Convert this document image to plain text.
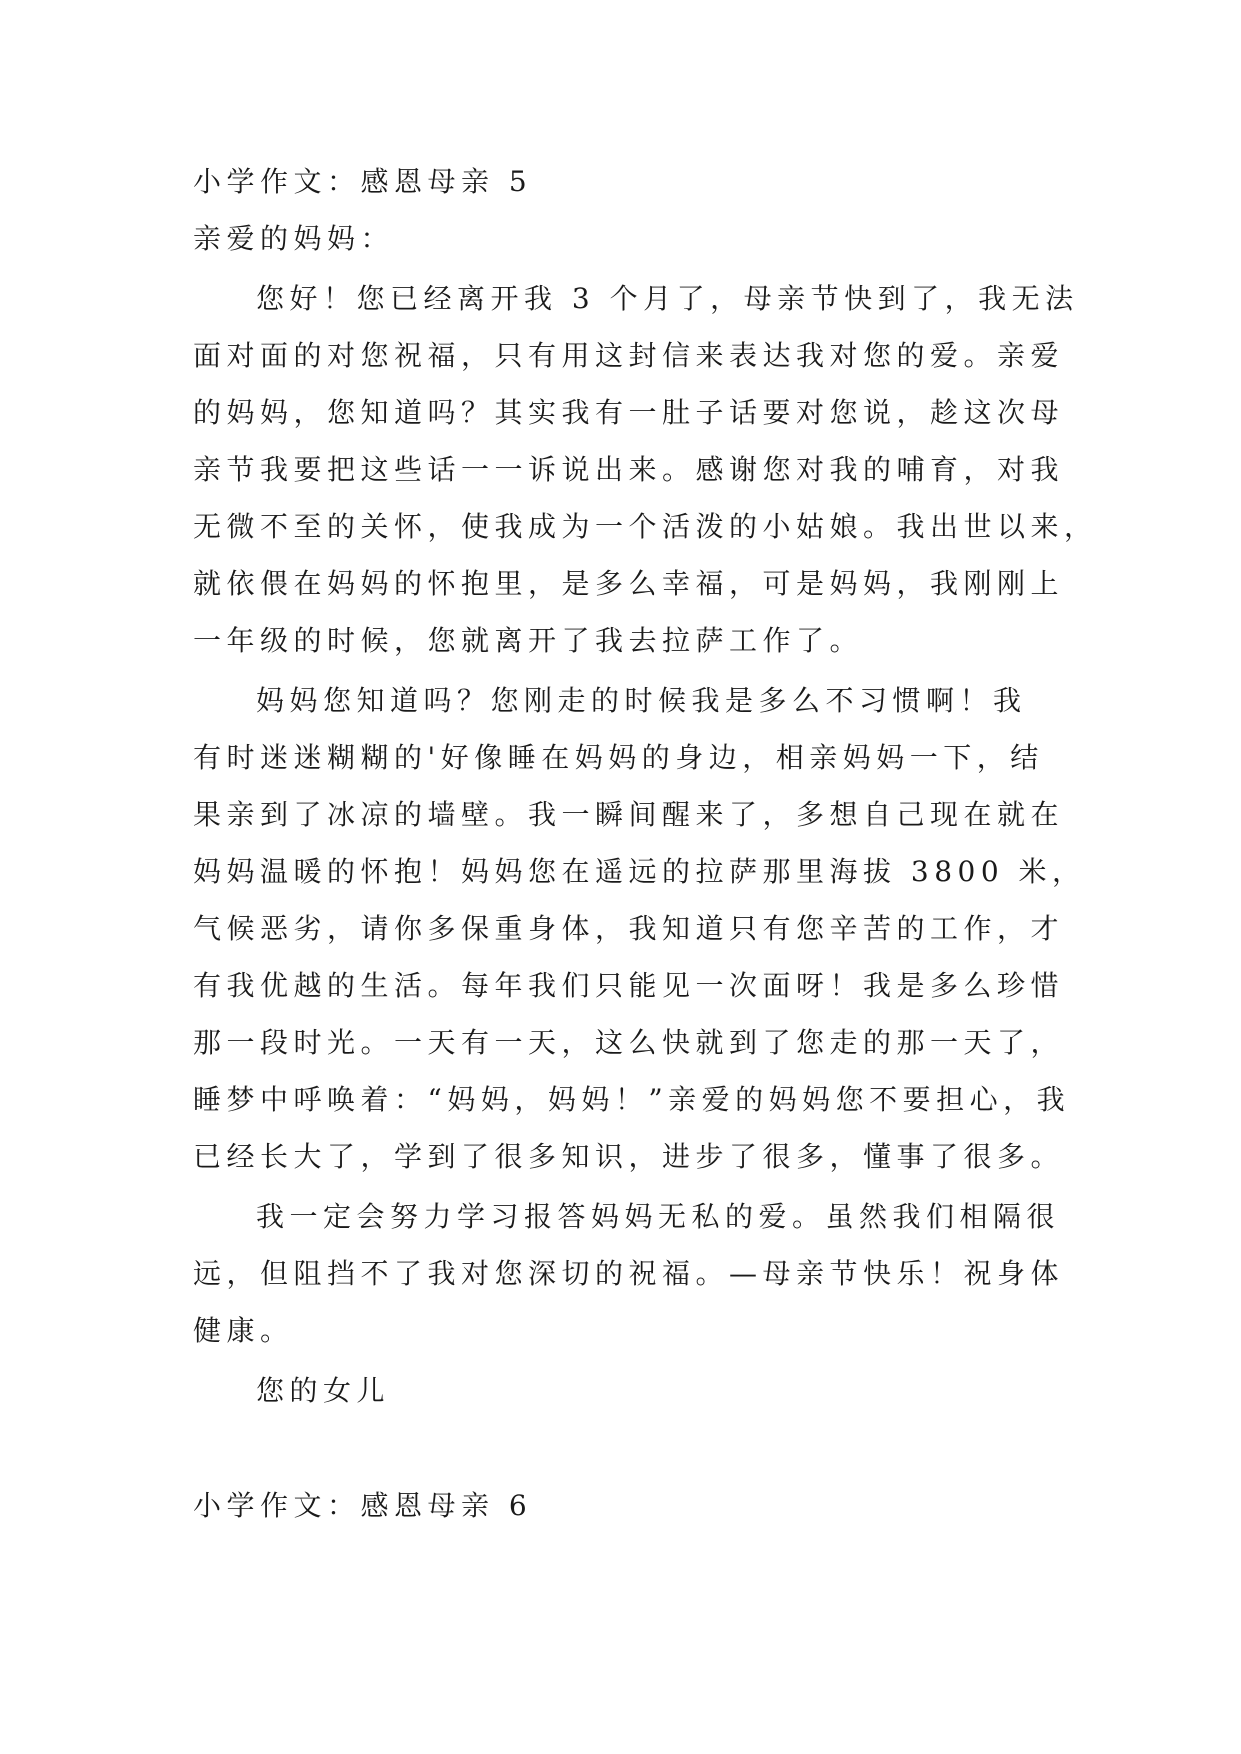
小学作文：感恩母亲 5
亲爱的妈妈：
您好！您已经离开我 3 个月了，母亲节快到了，我无法
面对面的对您祝福，只有用这封信来表达我对您的爱。亲爱
的妈妈，您知道吗？其实我有一肚子话要对您说，趁这次母
亲节我要把这些话一一诉说出来。感谢您对我的哺育，对我
无微不至的关怀，使我成为一个活泼的小姑娘。我出世以来，
就依偎在妈妈的怀抱里，是多么幸福，可是妈妈，我刚刚上
一年级的时候，您就离开了我去拉萨工作了。
妈妈您知道吗？您刚走的时候我是多么不习惯啊！我
有时迷迷糊糊的'好像睡在妈妈的身边，相亲妈妈一下，结
果亲到了冰凉的墙壁。我一瞬间醒来了，多想自己现在就在
妈妈温暖的怀抱！妈妈您在遥远的拉萨那里海拔 3800 米，
气候恶劣，请你多保重身体，我知道只有您辛苦的工作，才
有我优越的生活。每年我们只能见一次面呀！我是多么珍惜
那一段时光。一天有一天，这么快就到了您走的那一天了，
睡梦中呼唤着：“妈妈，妈妈！”亲爱的妈妈您不要担心，我
已经长大了，学到了很多知识，进步了很多，懂事了很多。
我一定会努力学习报答妈妈无私的爱。虽然我们相隔很
远，但阻挡不了我对您深切的祝福。—母亲节快乐！祝身体
健康。
您的女儿
小学作文：感恩母亲 6
